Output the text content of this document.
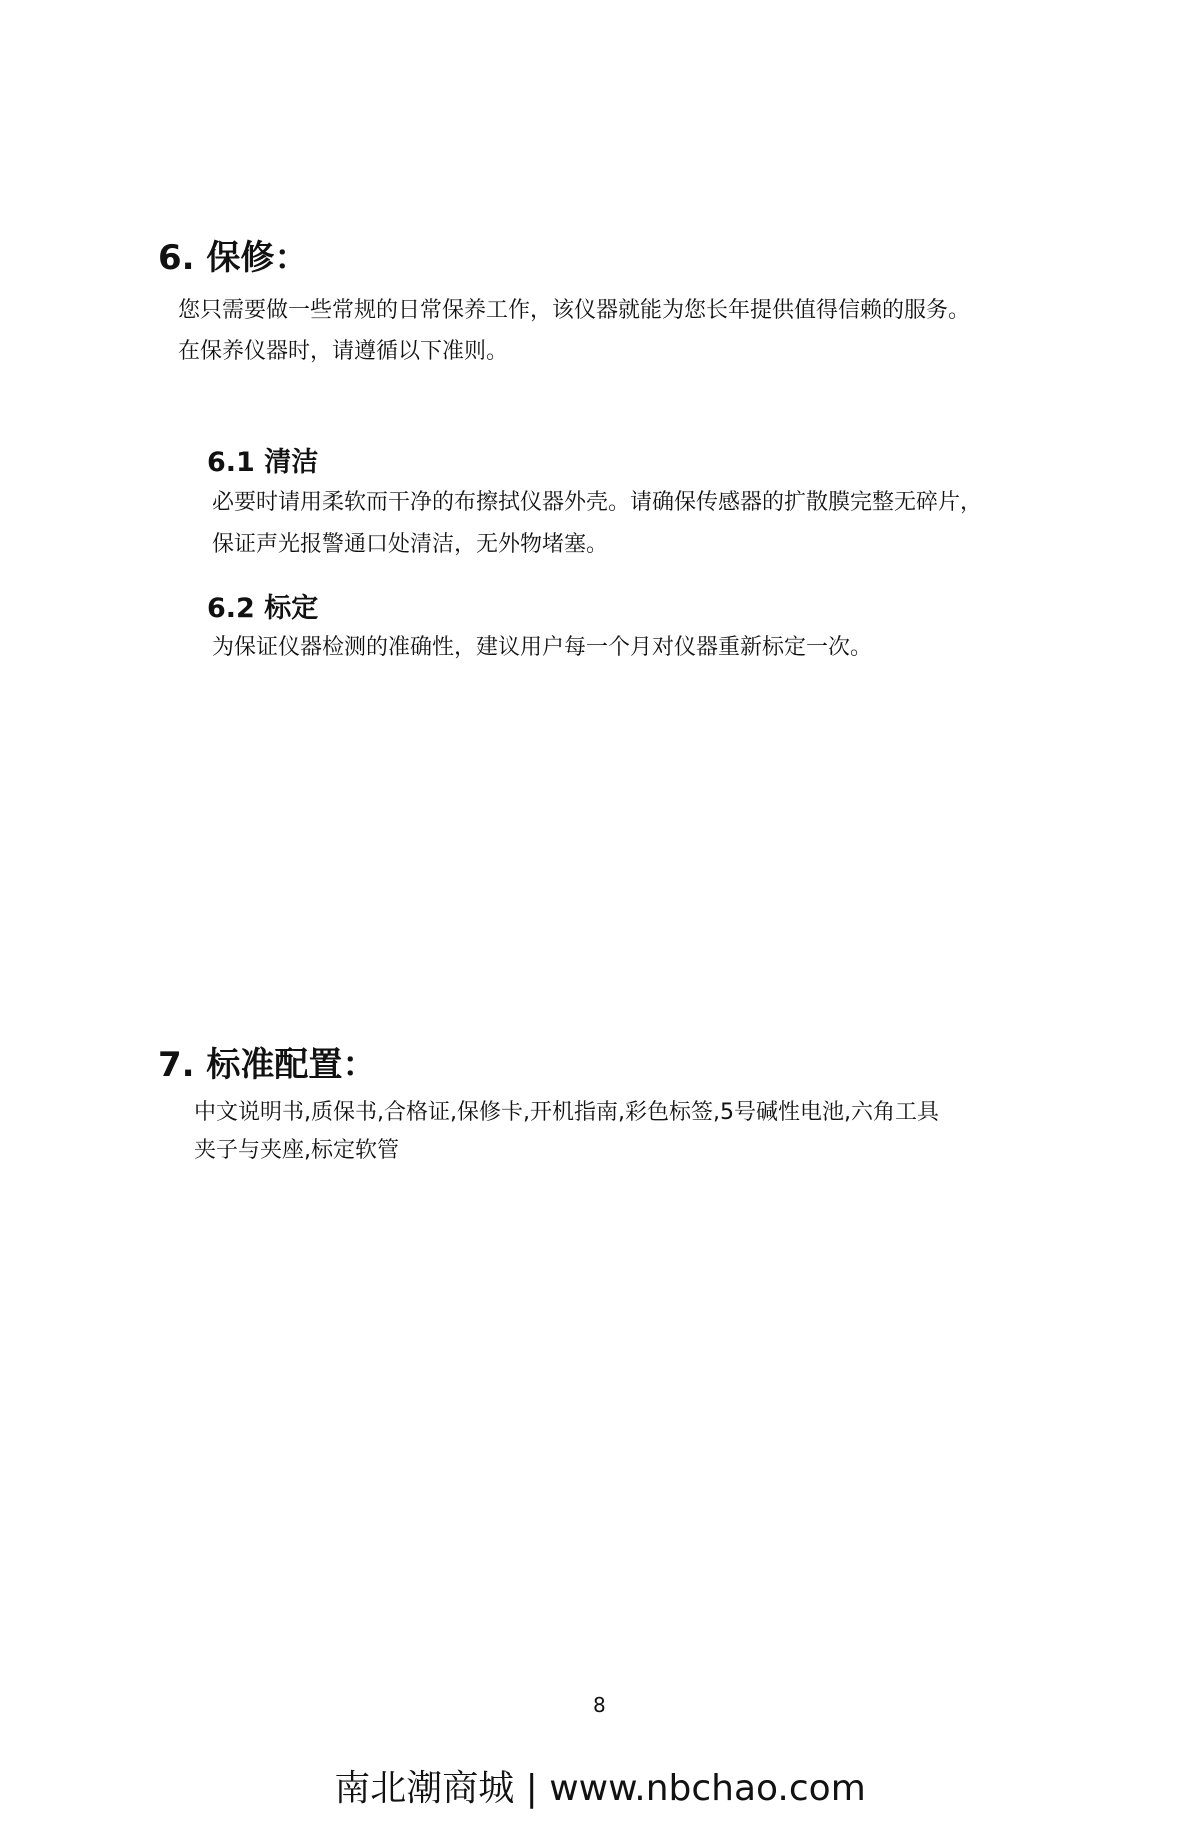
6. 保修：
您只需要做一些常规的日常保养工作，该仪器就能为您长年提供值得信赖的服务。
在保养仪器时，请遵循以下准则。
6.1 清洁
必要时请用柔软而干净的布擦拭仪器外壳。请确保传感器的扩散膜完整无碎片，
保证声光报警通口处清洁，无外物堵塞。
6.2 标定
为保证仪器检测的准确性，建议用户每一个月对仪器重新标定一次。
7. 标准配置：
中文说明书,质保书,合格证,保修卡,开机指南,彩色标签,5号碱性电池,六角工具
夹子与夹座,标定软管
8
南北潮商城 | www.nbchao.com
